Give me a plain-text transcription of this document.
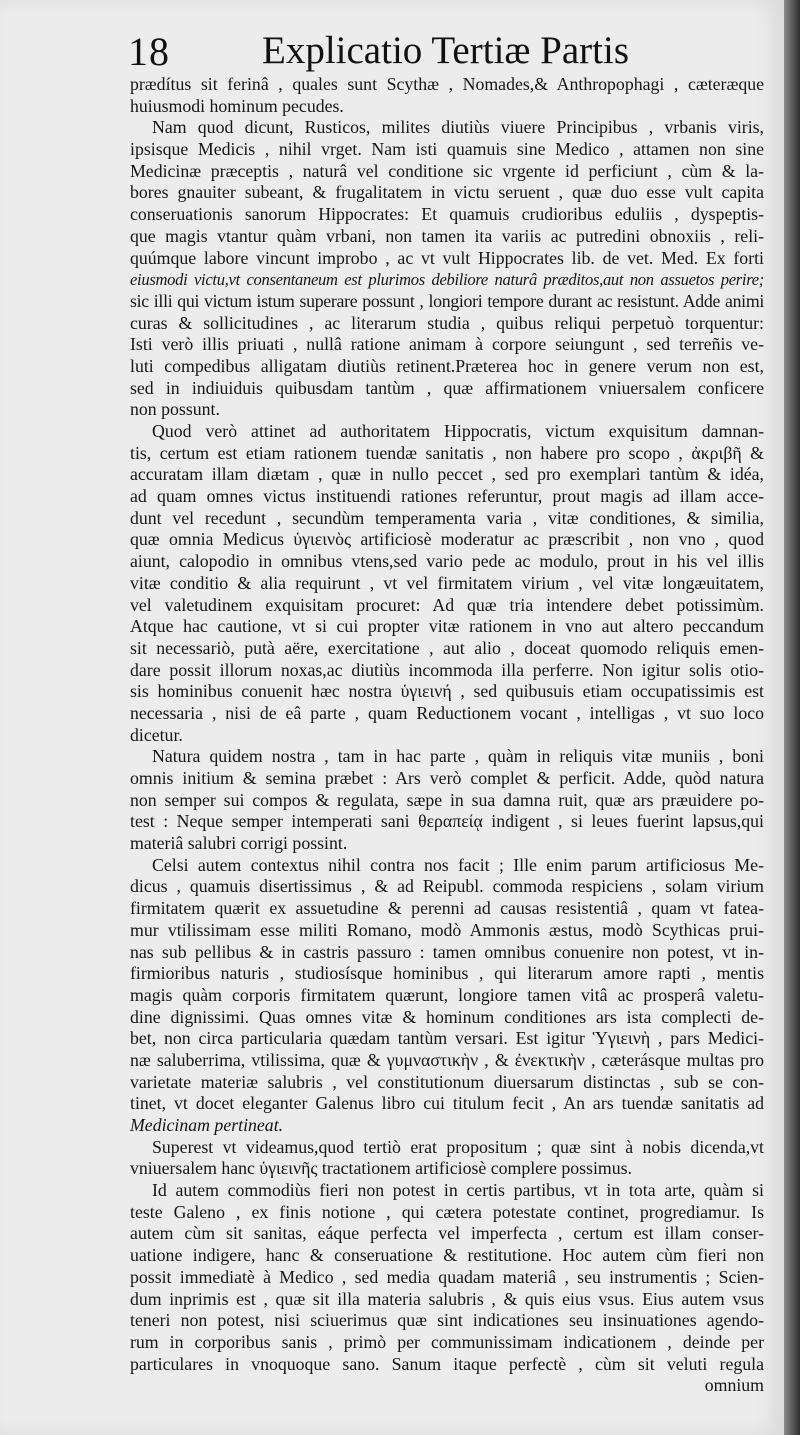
18 Explicatio Tertiæ Partis
prædítus sit ferinâ , quales sunt Scythæ , Nomades,& Anthropophagi , cæteræque
huiusmodi hominum pecudes.
Nam quod dicunt, Rusticos, milites diutiùs viuere Principibus , vrbanis viris,
ipsisque Medicis , nihil vrget. Nam isti quamuis sine Medico , attamen non sine
Medicinæ præceptis , naturâ vel conditione sic vrgente id perficiunt , cùm & la-
bores gnauiter subeant, & frugalitatem in victu seruent , quæ duo esse vult capita
conseruationis sanorum Hippocrates: Et quamuis crudioribus eduliis , dyspeptis-
que magis vtantur quàm vrbani, non tamen ita variis ac putredini obnoxiis , reli-
quúmque labore vincunt improbo , ac vt vult Hippocrates lib. de vet. Med. Ex forti
eiusmodi victu,vt consentaneum est plurimos debiliore naturâ præditos,aut non assuetos perire;
sic illi qui victum istum superare possunt , longiori tempore durant ac resistunt. Adde animi
curas & sollicitudines , ac literarum studia , quibus reliqui perpetuò torquentur:
Isti verò illis priuati , nullâ ratione animam à corpore seiungunt , sed terreñis ve-
luti compedibus alligatam diutiùs retinent.Præterea hoc in genere verum non est,
sed in indiuiduis quibusdam tantùm , quæ affirmationem vniuersalem conficere
non possunt.
Quod verò attinet ad authoritatem Hippocratis, victum exquisitum damnan-
tis, certum est etiam rationem tuendæ sanitatis , non habere pro scopo , ἀκριβῆ &
accuratam illam diætam , quæ in nullo peccet , sed pro exemplari tantùm & idéa,
ad quam omnes victus instituendi rationes referuntur, prout magis ad illam acce-
dunt vel recedunt , secundùm temperamenta varia , vitæ conditiones, & similia,
quæ omnia Medicus ὑγιεινὸς artificiosè moderatur ac præscribit , non vno , quod
aiunt, calopodio in omnibus vtens,sed vario pede ac modulo, prout in his vel illis
vitæ conditio & alia requirunt , vt vel firmitatem virium , vel vitæ longæuitatem,
vel valetudinem exquisitam procuret: Ad quæ tria intendere debet potissimùm.
Atque hac cautione, vt si cui propter vitæ rationem in vno aut altero peccandum
sit necessariò, putà aëre, exercitatione , aut alio , doceat quomodo reliquis emen-
dare possit illorum noxas,ac diutiùs incommoda illa perferre. Non igitur solis otio-
sis hominibus conuenit hæc nostra ὑγιεινή , sed quibusuis etiam occupatissimis est
necessaria , nisi de eâ parte , quam Reductionem vocant , intelligas , vt suo loco
dicetur.
Natura quidem nostra , tam in hac parte , quàm in reliquis vitæ muniis , boni
omnis initium & semina præbet : Ars verò complet & perficit. Adde, quòd natura
non semper sui compos & regulata, sæpe in sua damna ruit, quæ ars præuidere po-
test : Neque semper intemperati sani θεραπείᾳ indigent , si leues fuerint lapsus,qui
materiâ salubri corrigi possint.
Celsi autem contextus nihil contra nos facit ; Ille enim parum artificiosus Me-
dicus , quamuis disertissimus , & ad Reipubl. commoda respiciens , solam virium
firmitatem quærit ex assuetudine & perenni ad causas resistentiâ , quam vt fatea-
mur vtilissimam esse militi Romano, modò Ammonis æstus, modò Scythicas prui-
nas sub pellibus & in castris passuro : tamen omnibus conuenire non potest, vt in-
firmioribus naturis , studiosísque hominibus , qui literarum amore rapti , mentis
magis quàm corporis firmitatem quærunt, longiore tamen vitâ ac prosperâ valetu-
dine dignissimi. Quas omnes vitæ & hominum conditiones ars ista complecti de-
bet, non circa particularia quædam tantùm versari. Est igitur Ὑγιεινὴ , pars Medici-
næ saluberrima, vtilissima, quæ & γυμναστικὴν , & ἐνεκτικὴν , cæterásque multas pro
varietate materiæ salubris , vel constitutionum diuersarum distinctas , sub se con-
tinet, vt docet eleganter Galenus libro cui titulum fecit , An ars tuendæ sanitatis ad
Medicinam pertineat.
Superest vt videamus,quod tertiò erat propositum ; quæ sint à nobis dicenda,vt
vniuersalem hanc ὑγιεινῆς tractationem artificiosè complere possimus.
Id autem commodiùs fieri non potest in certis partibus, vt in tota arte, quàm si
teste Galeno , ex finis notione , qui cætera potestate continet, progrediamur. Is
autem cùm sit sanitas, eáque perfecta vel imperfecta , certum est illam conser-
uatione indigere, hanc & conseruatione & restitutione. Hoc autem cùm fieri non
possit immediatè à Medico , sed media quadam materiâ , seu instrumentis ; Scien-
dum inprimis est , quæ sit illa materia salubris , & quis eius vsus. Eius autem vsus
teneri non potest, nisi sciuerimus quæ sint indicationes seu insinuationes agendo-
rum in corporibus sanis , primò per communissimam indicationem , deinde per
particulares in vnoquoque sano. Sanum itaque perfectè , cùm sit veluti regula
omnium
